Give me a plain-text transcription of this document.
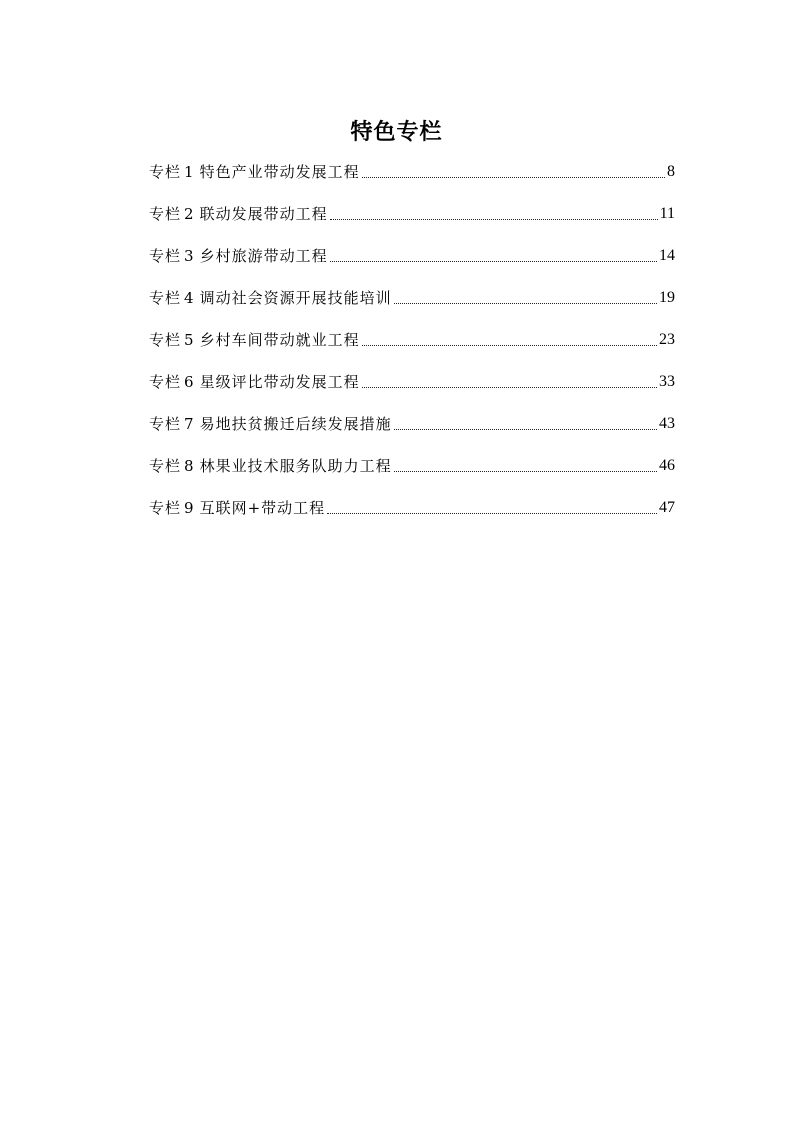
特色专栏
专栏 1 特色产业带动发展工程	8
专栏 2 联动发展带动工程	11
专栏 3 乡村旅游带动工程	14
专栏 4 调动社会资源开展技能培训	19
专栏 5 乡村车间带动就业工程	23
专栏 6 星级评比带动发展工程	33
专栏 7 易地扶贫搬迁后续发展措施	43
专栏 8 林果业技术服务队助力工程	46
专栏 9 互联网+带动工程	47
